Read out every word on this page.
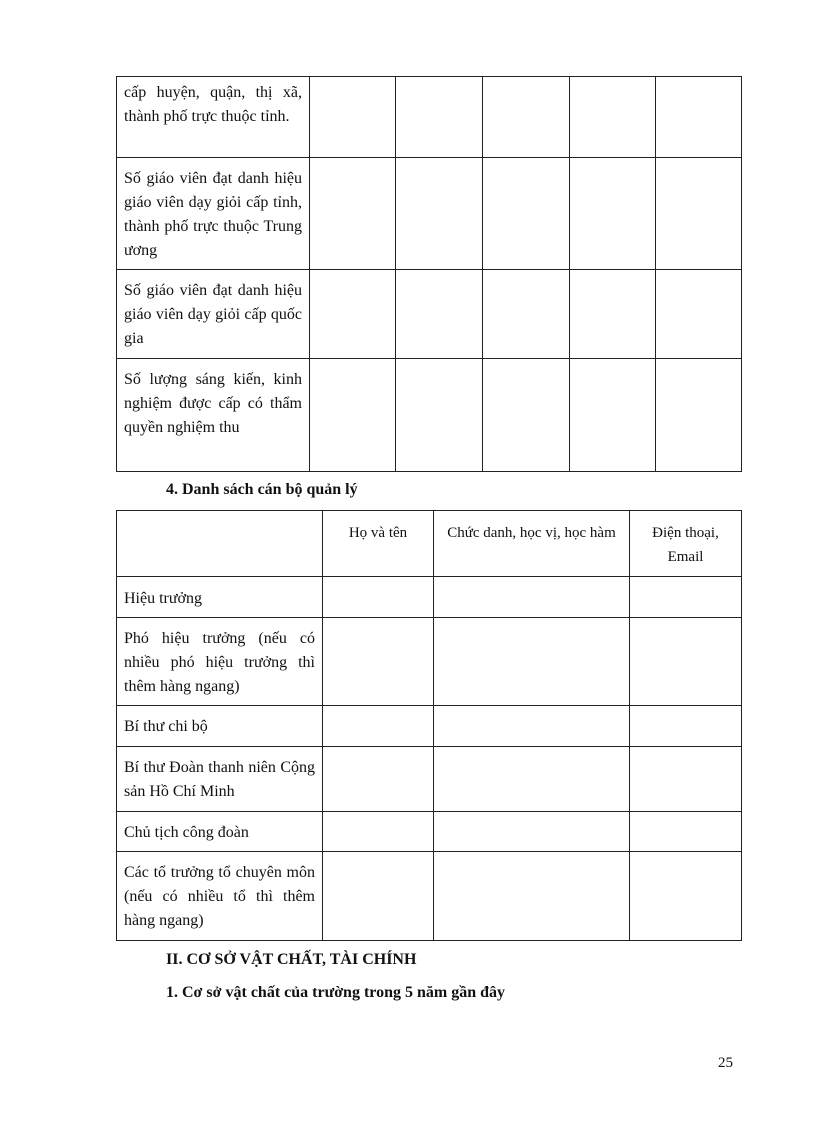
cấp huyện, quận, thị xã, thành phố trực thuộc tỉnh.					

Số giáo viên đạt danh hiệu giáo viên dạy giỏi cấp tỉnh, thành phố trực thuộc Trung ương					

Số giáo viên đạt danh hiệu giáo viên dạy giỏi cấp quốc gia					

Số lượng sáng kiến, kinh nghiệm được cấp có thẩm quyền nghiệm thu					

4. Danh sách cán bộ quản lý

	Họ và tên	Chức danh, học vị, học hàm	Điện thoại, Email

Hiệu trưởng			

Phó hiệu trưởng (nếu có nhiều phó hiệu trưởng thì thêm hàng ngang)			

Bí thư chi bộ			

Bí thư Đoàn thanh niên Cộng sản Hồ Chí Minh			

Chủ tịch công đoàn			

Các tổ trưởng tổ chuyên môn (nếu có nhiều tổ thì thêm hàng ngang)			

II. CƠ SỞ VẬT CHẤT, TÀI CHÍNH
1. Cơ sở vật chất của trường trong 5 năm gần đây
25
